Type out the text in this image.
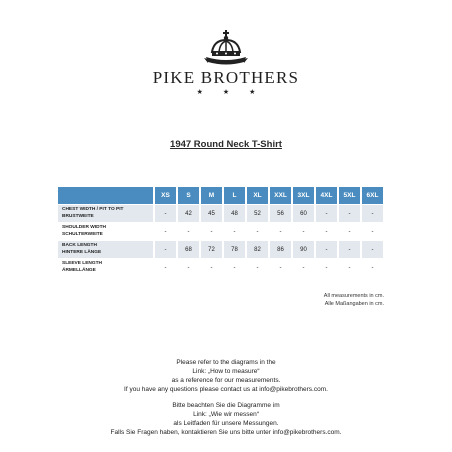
PIKE BROTHERS
★ ★ ★
1947 Round Neck T-Shirt
	XS	S	M	L	XL	XXL	3XL	4XL	5XL	6XL

CHEST WIDTH / PIT TO PIT
BRUSTWEITE	-	42	45	48	52	56	60	-	-	-

SHOULDER WIDTH
SCHULTERWEITE	-	-	-	-	-	-	-	-	-	-

BACK LENGTH
HINTERE LÄNGE	-	68	72	78	82	86	90	-	-	-

SLEEVE LENGTH
ÄRMELLÄNGE	-	-	-	-	-	-	-	-	-	-
All measurements in cm.
Alle Maßangaben in cm.
Please refer to the diagrams in the
Link: „How to measure“
as a reference for our measurements.
If you have any questions please contact us at info@pikebrothers.com.
Bitte beachten Sie die Diagramme im
Link: „Wie wir messen“
als Leitfaden für unsere Messungen.
Falls Sie Fragen haben, kontaktieren Sie uns bitte unter info@pikebrothers.com.
